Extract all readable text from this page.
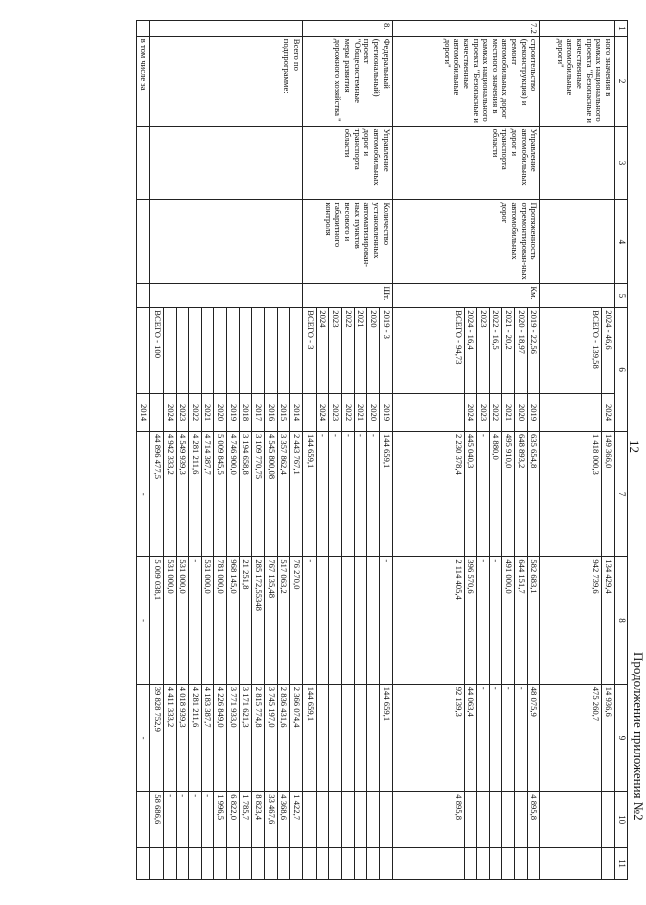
Продолжение приложения №2
12
1	2	3	4	5	6		7	8	9	10	11
	ного значения в рамках национального проекта "Безопасные и качественные автомобильные дороги"				2024 - 46,6	2024	149 366,0	134 429,4	14 936,6		
					ВСЕГО - 139,58		1 418 000,3	942 739,6	475 260,7		
7.2	строительство (реконструкция) и ремонт автомобильных дорог местного значения в рамках национального проекта "Безопасные и качественные автомобильные дороги"	Управление автомобильных дорог и транспорта области	Протяженность отремонтирован-ных автомобильных дорог	Км.	2019 - 22,56	2019	635 654,8	582 683,1	48 075,9	4 895,8	
					2020 - 18,97	2020	648 893,2	644 151,7	-		
					2021 - 20,2	2021	495 910,0	491 000,0	-		
					2022 - 16,5	2022	4 880,0	-	-		
					2023	2023	-	-	-		
					2024 - 16,4	2024	445 040,3	396 570,6	44 063,4		
					ВСЕГО - 94,73		2 230 378,4	2 114 405,4	92 139,3	4 895,8	
8.	Федеральный (региональный) проект "Общесистемные меры развития дорожного хозяйства "	Управление автомобильных дорог и транспорта области	Количество установленных автоматизирован-ных пунктов весового и габаритного контроля	Шт.	2019 - 3	2019	144 659,1	-	144 659,1		
					2020	2020	-				
					2021	2021	-				
					2022	2022	-				
					2023	2023	-				
					2024	2024	-				
					ВСЕГО - 3		144 659,1	-	144 659,1		
	Всего по подпрограмме:					2014	2 443 767,1	76 270,0	2 366 074,4	1 422,7	
						2015	3 357 862,4	517 063,2	2 836 431,6	4 368,6	
						2016	4 545 800,08	767 135,48	3 745 197,0	33 467,6	
						2017	3 109 770,75	285 172,55348	2 815 774,8	8 823,4	
						2018	3 194 658,8	21 251,8	3 171 621,3	1 785,7	
						2019	4 746 900,0	968 145,0	3 771 933,0	6 822,0	
						2020	5 009 845,5	781 000,0	4 226 849,0	1 996,5	
						2021	4 714 387,7	531 000,0	4 183 387,7	-	
						2022	4 281 211,6	-	4 281 211,6	-	
						2023	4 549 939,3	531 000,0	4 018 939,3	-	
						2024	4 942 333,2	531 000,0	4 411 333,2	-	
					ВСЕГО - 100		44 896 477,5	5 009 038,1	39 828 752,9	58 686,6	
	в том числе за					2014	-	-	-		
